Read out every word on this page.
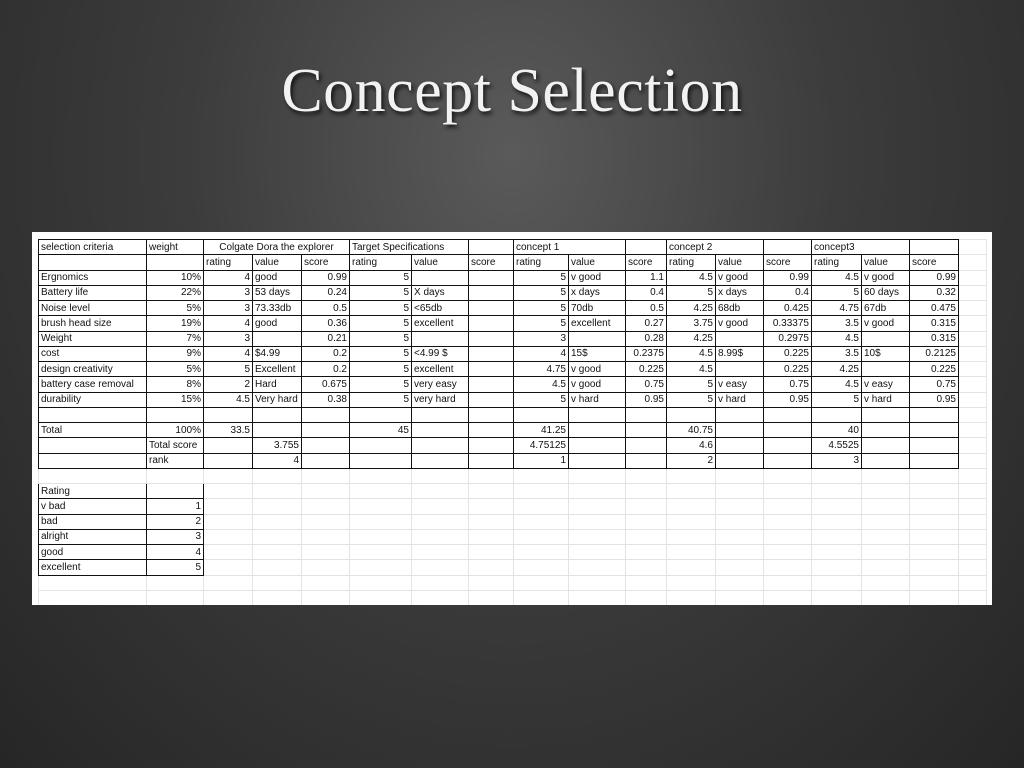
Concept Selection
selection criteria	weight	Colgate Dora the explorer			Target Specifications			concept 1			concept 2			concept3			
		rating	value	score	rating	value	score	rating	value	score	rating	value	score	rating	value	score	
Ergnomics	10%	4	good	0.99	5			5	v good	1.1	4.5	v good	0.99	4.5	v good	0.99	
Battery life	22%	3	53 days	0.24	5	X days		5	x days	0.4	5	x days	0.4	5	60 days	0.32	
Noise level	5%	3	73.33db	0.5	5	<65db		5	70db	0.5	4.25	68db	0.425	4.75	67db	0.475	
brush head size	19%	4	good	0.36	5	excellent		5	excellent	0.27	3.75	v good	0.33375	3.5	v good	0.315	
Weight	7%	3		0.21	5			3		0.28	4.25		0.2975	4.5		0.315	
cost	9%	4	$4.99	0.2	5	<4.99 $		4	15$	0.2375	4.5	8.99$	0.225	3.5	10$	0.2125	
design creativity	5%	5	Excellent	0.2	5	excellent		4.75	v good	0.225	4.5		0.225	4.25		0.225	
battery case removal	8%	2	Hard	0.675	5	very easy		4.5	v good	0.75	5	v easy	0.75	4.5	v easy	0.75	
durability	15%	4.5	Very hard	0.38	5	very hard		5	v hard	0.95	5	v hard	0.95	5	v hard	0.95	

Total	100%	33.5			45			41.25			40.75			40			
	Total score		3.755					4.75125			4.6			4.5525			
	rank		4					1			2			3			

Rating																	
v bad	1																
bad	2																
alright	3																
good	4																
excellent	5																
